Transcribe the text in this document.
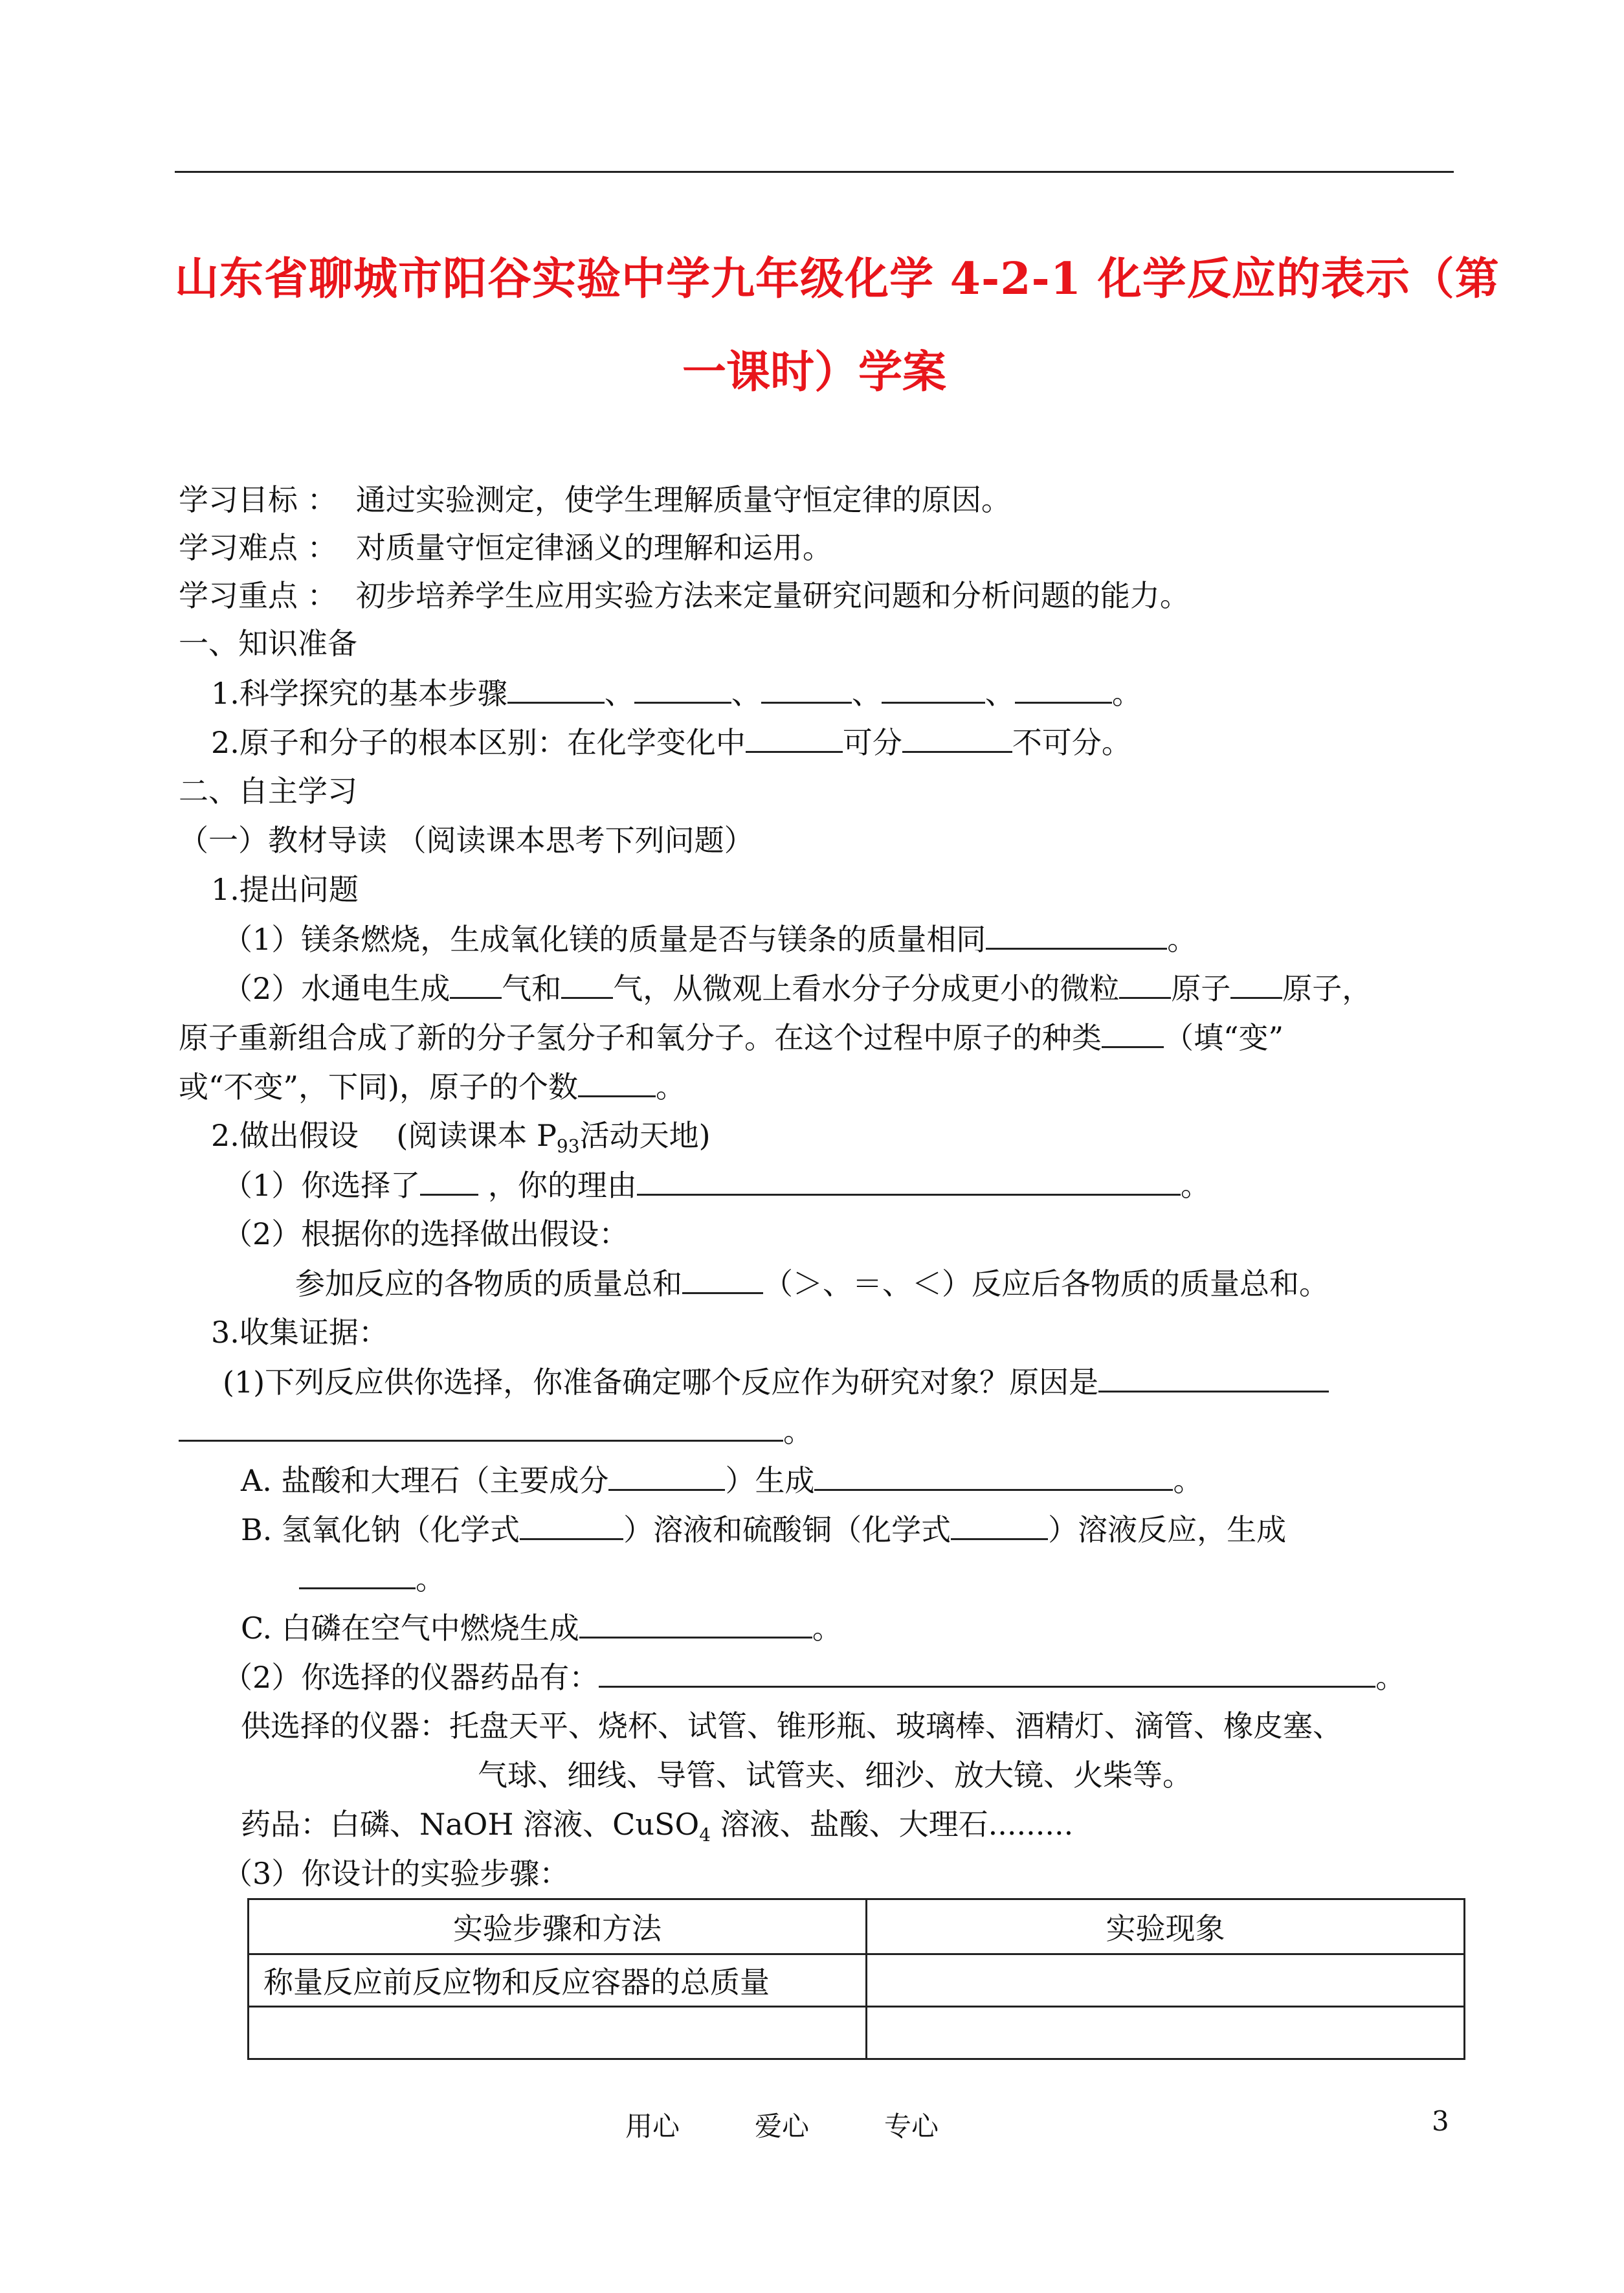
山东省聊城市阳谷实验中学九年级化学 4-2-1 化学反应的表示（第
一课时）学案
学习目标 ： 通过实验测定，使学生理解质量守恒定律的原因。
学习难点 ： 对质量守恒定律涵义的理解和运用。
学习重点 ： 初步培养学生应用实验方法来定量研究问题和分析问题的能力。
一、知识准备
1.科学探究的基本步骤	、	、	、	、	。
2.原子和分子的根本区别：在化学变化中	可分	不可分。
二、自主学习
（一）教材导读 （阅读课本思考下列问题）
1.提出问题
（1）镁条燃烧，生成氧化镁的质量是否与镁条的质量相同	。
（2）水通电生成 气和 气，从微观上看水分子分成更小的微粒 原子 原子，
原子重新组合成了新的分子氢分子和氧分子。在这个过程中原子的种类 （填“变”
或“不变”，下同)，原子的个数	。
2.做出假设 (阅读课本 $P_{93}$活动天地)
（1）你选择了 ，你的理由	。
（2）根据你的选择做出假设：
参加反应的各物质的质量总和	（＞、＝、＜）反应后各物质的质量总和。
3.收集证据：
(1)下列反应供你选择，你准备确定哪个反应作为研究对象？原因是
。
A. 盐酸和大理石（主要成分	）生成	。
B. 氢氧化钠（化学式	）溶液和硫酸铜（化学式	）溶液反应，生成
。
C. 白磷在空气中燃烧生成	。
（2）你选择的仪器药品有：	。
供选择的仪器：托盘天平、烧杯、试管、锥形瓶、玻璃棒、酒精灯、滴管、橡皮塞、
气球、细线、导管、试管夹、细沙、放大镜、火柴等。
药品：白磷、NaOH 溶液、CuSO$_4$ 溶液、盐酸、大理石.........
（3）你设计的实验步骤：
实验步骤和方法	实验现象
称量反应前反应物和反应容器的总质量	

用心	爱心	专心	3
